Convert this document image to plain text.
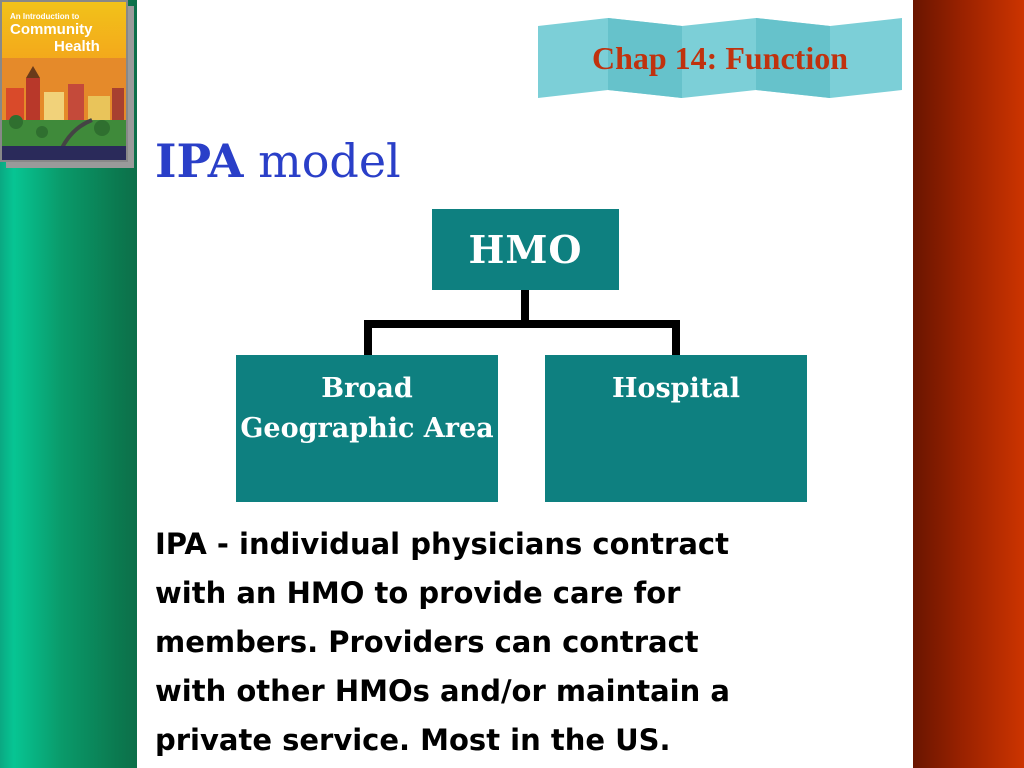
An Introduction to
Community
Health	Chap 14: Function
IPA model
HMO
Broad Geographic Area
Hospital
IPA - individual physicians contract
with an HMO to provide care for
members. Providers can contract
with other HMOs and/or maintain a
private service. Most in the US.
